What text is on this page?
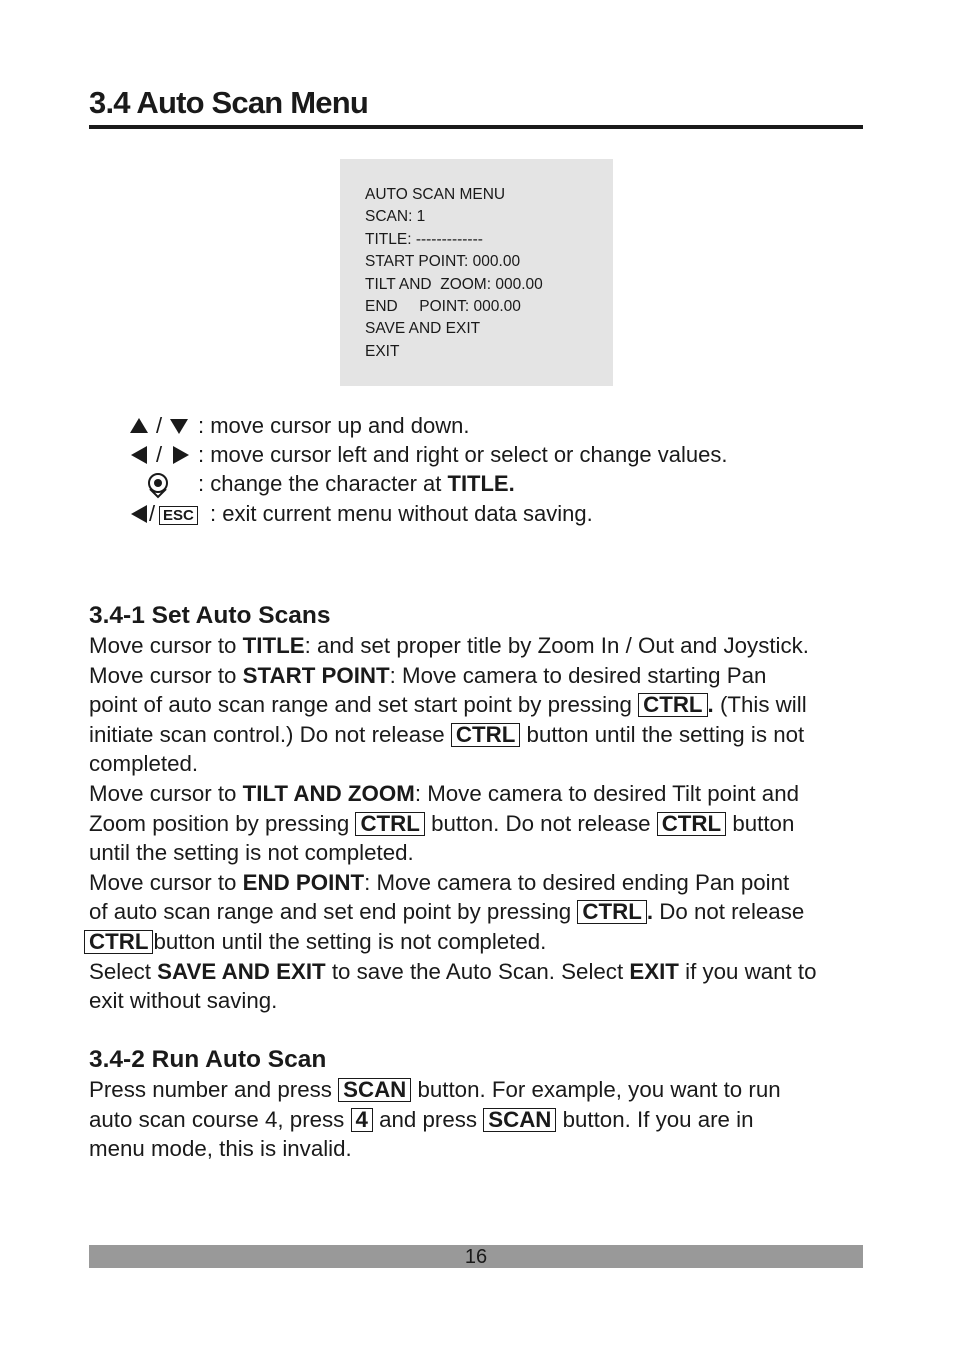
3.4 Auto Scan Menu
AUTO SCAN MENU
SCAN: 1
TITLE: -------------
START POINT: 000.00
TILT AND  ZOOM: 000.00
END     POINT: 000.00
SAVE AND EXIT
EXIT
/ : move cursor up and down.
/ : move cursor left and right or select or change values.
: change the character at TITLE.
/ ESC : exit current menu without data saving.
3.4-1 Set Auto Scans
Move cursor to TITLE: and set proper title by Zoom In / Out and Joystick.
Move cursor to START POINT: Move camera to desired starting Pan
point of auto scan range and set start point by pressing CTRL . (This will
initiate scan control.) Do not release CTRL button until the setting is not
completed.
Move cursor to TILT AND ZOOM: Move camera to desired Tilt point and
Zoom position by pressing CTRL button. Do not release CTRL button
until the setting is not completed.
Move cursor to END POINT: Move camera to desired ending Pan point
of auto scan range and set end point by pressing CTRL . Do not release
CTRL button until the setting is not completed.
Select SAVE AND EXIT to save the Auto Scan. Select EXIT if you want to
exit without saving.
3.4-2 Run Auto Scan
Press number and press SCAN button. For example, you want to run
auto scan course 4, press 4 and press SCAN button. If you are in
menu mode, this is invalid.
16
